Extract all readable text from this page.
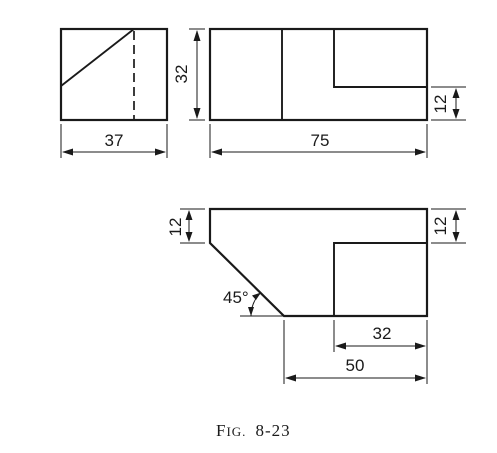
37
32
75
12
12	12
45°
32
50
FIG. 8-23
